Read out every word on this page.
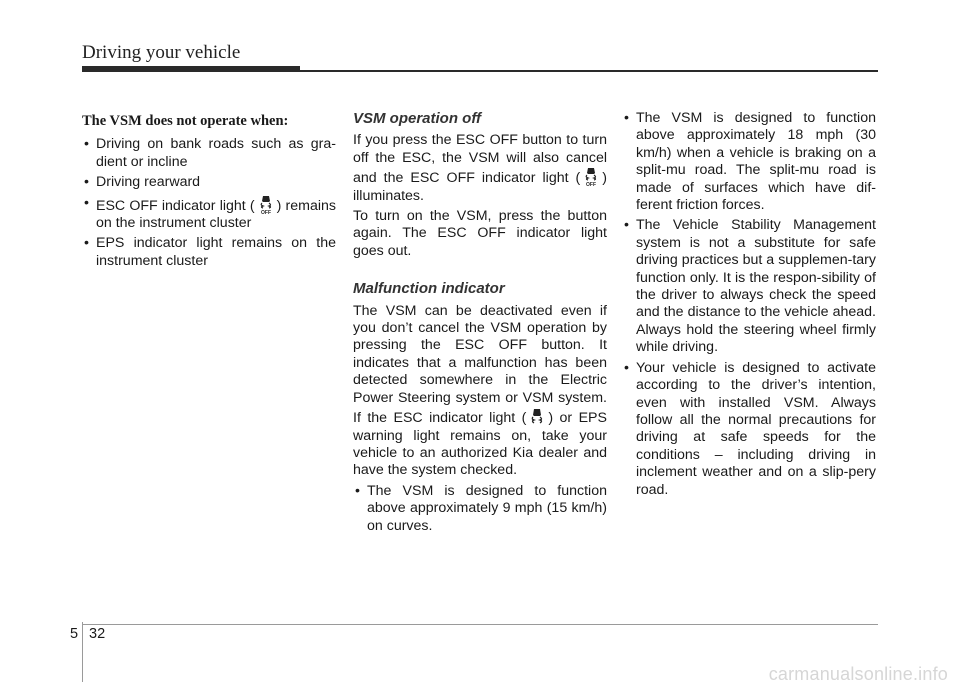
Driving your vehicle
The VSM does not operate when:
• Driving on bank roads such as gra-dient or incline
• Driving rearward
• ESC OFF indicator light ( OFF ) remains on the instrument cluster
• EPS indicator light remains on the instrument cluster
VSM operation off

If you press the ESC OFF button to turn off the ESC, the VSM will also cancel and the ESC OFF indicator light ( OFF ) illuminates.

To turn on the VSM, press the button again. The ESC OFF indicator light goes out.

Malfunction indicator

The VSM can be deactivated even if you don’t cancel the VSM operation by pressing the ESC OFF button. It indicates that a malfunction has been detected somewhere in the Electric Power Steering system or VSM system. If the ESC indicator light ( ) or EPS warning light remains on, take your vehicle to an authorized Kia dealer and have the system checked.

• The VSM is designed to function above approximately 9 mph (15 km/h) on curves.
• The VSM is designed to function above approximately 18 mph (30 km/h) when a vehicle is braking on a split-mu road. The split-mu road is made of surfaces which have dif-ferent friction forces.
• The Vehicle Stability Management system is not a substitute for safe driving practices but a supplemen-tary function only. It is the respon-sibility of the driver to always check the speed and the distance to the vehicle ahead. Always hold the steering wheel firmly while driving.
• Your vehicle is designed to activate according to the driver’s intention, even with installed VSM. Always follow all the normal precautions for driving at safe speeds for the conditions – including driving in inclement weather and on a slip-pery road.
5 32
carmanualsonline.info
